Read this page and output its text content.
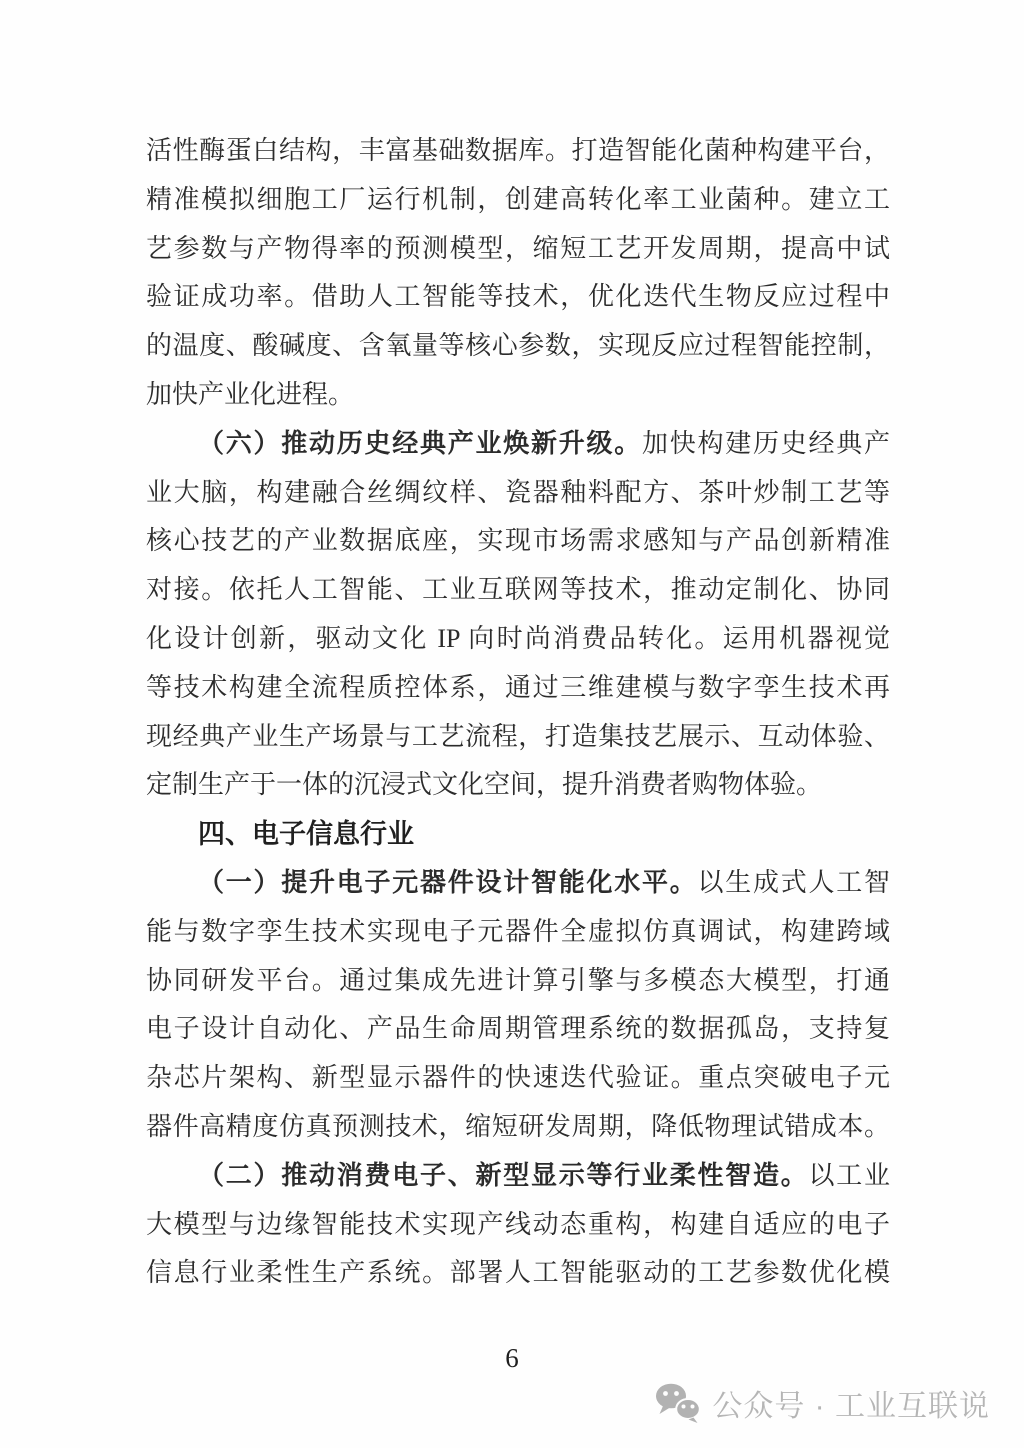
活性酶蛋白结构，丰富基础数据库。打造智能化菌种构建平台，
精准模拟细胞工厂运行机制，创建高转化率工业菌种。建立工
艺参数与产物得率的预测模型，缩短工艺开发周期，提高中试
验证成功率。借助人工智能等技术，优化迭代生物反应过程中
的温度、酸碱度、含氧量等核心参数，实现反应过程智能控制，
加快产业化进程。
（六）推动历史经典产业焕新升级。加快构建历史经典产
业大脑，构建融合丝绸纹样、瓷器釉料配方、茶叶炒制工艺等
核心技艺的产业数据底座，实现市场需求感知与产品创新精准
对接。依托人工智能、工业互联网等技术，推动定制化、协同
化设计创新，驱动文化 IP 向时尚消费品转化。运用机器视觉
等技术构建全流程质控体系，通过三维建模与数字孪生技术再
现经典产业生产场景与工艺流程，打造集技艺展示、互动体验、
定制生产于一体的沉浸式文化空间，提升消费者购物体验。
四、电子信息行业
（一）提升电子元器件设计智能化水平。以生成式人工智
能与数字孪生技术实现电子元器件全虚拟仿真调试，构建跨域
协同研发平台。通过集成先进计算引擎与多模态大模型，打通
电子设计自动化、产品生命周期管理系统的数据孤岛，支持复
杂芯片架构、新型显示器件的快速迭代验证。重点突破电子元
器件高精度仿真预测技术，缩短研发周期，降低物理试错成本。
（二）推动消费电子、新型显示等行业柔性智造。以工业
大模型与边缘智能技术实现产线动态重构，构建自适应的电子
信息行业柔性生产系统。部署人工智能驱动的工艺参数优化模
6
公众号 · 工业互联说
